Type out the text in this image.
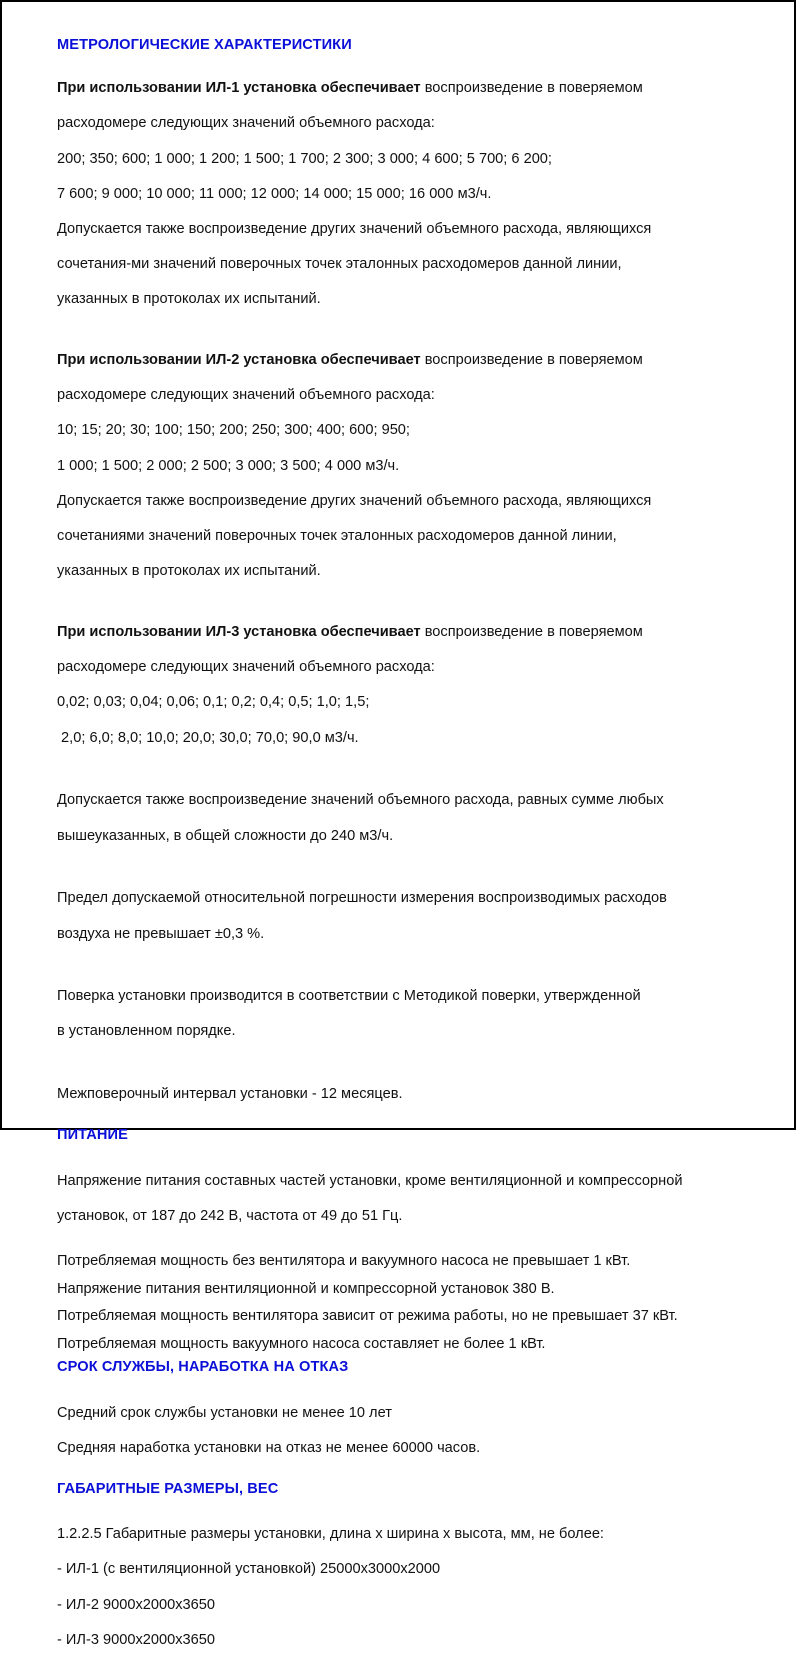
МЕТРОЛОГИЧЕСКИЕ ХАРАКТЕРИСТИКИ

При использовании ИЛ-1 установка обеспечивает воспроизведение в поверяемом

расходомере следующих значений объемного расхода:

200; 350; 600; 1 000; 1 200; 1 500; 1 700; 2 300; 3 000; 4 600; 5 700; 6 200;

7 600; 9 000; 10 000; 11 000; 12 000; 14 000; 15 000; 16 000 м3/ч.

Допускается также воспроизведение других значений объемного расхода, являющихся

сочетания-ми значений поверочных точек эталонных расходомеров данной линии,

указанных в протоколах их испытаний.

При использовании ИЛ-2 установка обеспечивает воспроизведение в поверяемом

расходомере следующих значений объемного расхода:

10; 15; 20; 30; 100; 150; 200; 250; 300; 400; 600; 950;

1 000; 1 500; 2 000; 2 500; 3 000; 3 500; 4 000 м3/ч.

Допускается также воспроизведение других значений объемного расхода, являющихся

сочетаниями значений поверочных точек эталонных расходомеров данной линии,

указанных в протоколах их испытаний.

При использовании ИЛ-3 установка обеспечивает воспроизведение в поверяемом

расходомере следующих значений объемного расхода:

0,02; 0,03; 0,04; 0,06; 0,1; 0,2; 0,4; 0,5; 1,0; 1,5;

2,0; 6,0; 8,0; 10,0; 20,0; 30,0; 70,0; 90,0 м3/ч.

Допускается также воспроизведение значений объемного расхода, равных сумме любых

вышеуказанных, в общей сложности до 240 м3/ч.

Предел допускаемой относительной погрешности измерения воспроизводимых расходов

воздуха не превышает ±0,3 %.

Поверка установки производится в соответствии с Методикой поверки, утвержденной

в установленном порядке.

Межповерочный интервал установки - 12 месяцев.

ПИТАНИЕ

Напряжение питания составных частей установки, кроме вентиляционной и компрессорной

установок, от 187 до 242 В, частота от 49 до 51 Гц.

Потребляемая мощность без вентилятора и вакуумного насоса не превышает 1 кВт.
Напряжение питания вентиляционной и компрессорной установок 380 В.
Потребляемая мощность вентилятора зависит от режима работы, но не превышает 37 кВт.
Потребляемая мощность вакуумного насоса составляет не более 1 кВт.
СРОК СЛУЖБЫ, НАРАБОТКА НА ОТКАЗ

Средний срок службы установки не менее 10 лет

Средняя наработка установки на отказ не менее 60000 часов.

ГАБАРИТНЫЕ РАЗМЕРЫ, ВЕС

1.2.2.5 Габаритные размеры установки, длина х ширина х высота, мм, не более:

- ИЛ-1 (с вентиляционной установкой) 25000х3000х2000

- ИЛ-2 9000х2000х3650

- ИЛ-3 9000х2000х3650
